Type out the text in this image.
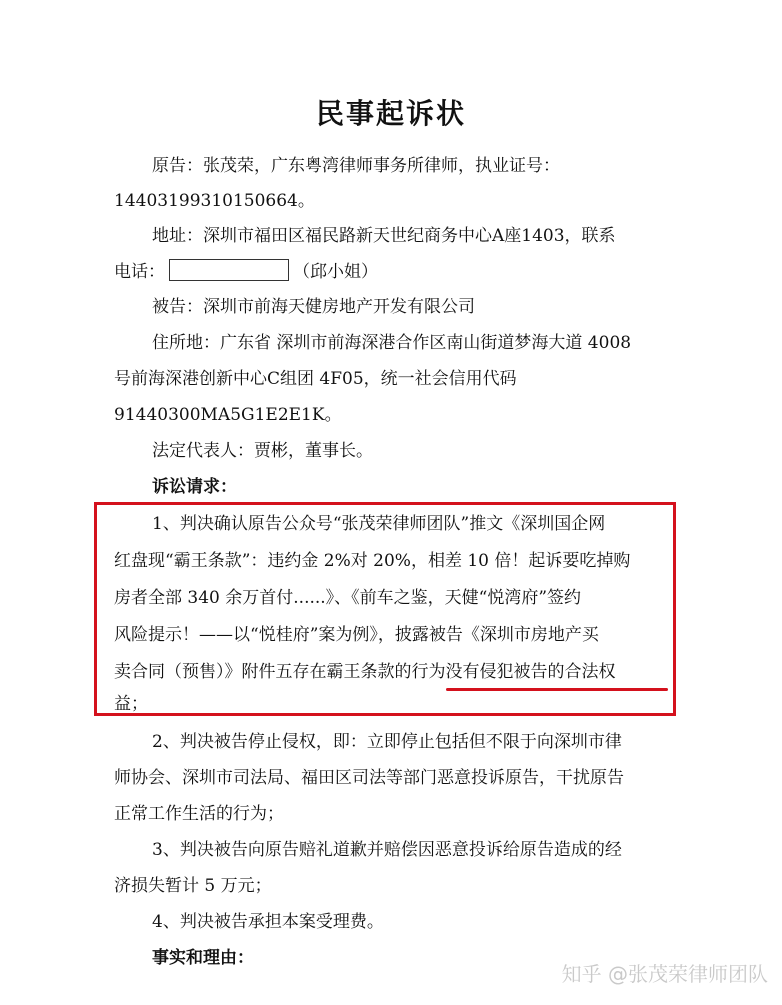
民事起诉状
原告：张茂荣，广东粤湾律师事务所律师，执业证号：
14403199310150664。
地址：深圳市福田区福民路新天世纪商务中心A座1403，联系
电话：	（邱小姐）
被告：深圳市前海天健房地产开发有限公司
住所地：广东省 深圳市前海深港合作区南山街道梦海大道 4008
号前海深港创新中心C组团 4F05，统一社会信用代码
91440300MA5G1E2E1K。
法定代表人：贾彬，董事长。
诉讼请求：
1、判决确认原告公众号“张茂荣律师团队”推文《深圳国企网
红盘现“霸王条款”：违约金 2%对 20%，相差 10 倍！起诉要吃掉购
房者全部 340 余万首付......》、《前车之鉴，天健“悦湾府”签约
风险提示！——以“悦桂府”案为例》，披露被告《深圳市房地产买
卖合同（预售）》附件五存在霸王条款的行为没有侵犯被告的合法权
益；
2、判决被告停止侵权，即：立即停止包括但不限于向深圳市律
师协会、深圳市司法局、福田区司法等部门恶意投诉原告，干扰原告
正常工作生活的行为；
3、判决被告向原告赔礼道歉并赔偿因恶意投诉给原告造成的经
济损失暂计 5 万元；
4、判决被告承担本案受理费。
事实和理由：
知乎 @张茂荣律师团队
